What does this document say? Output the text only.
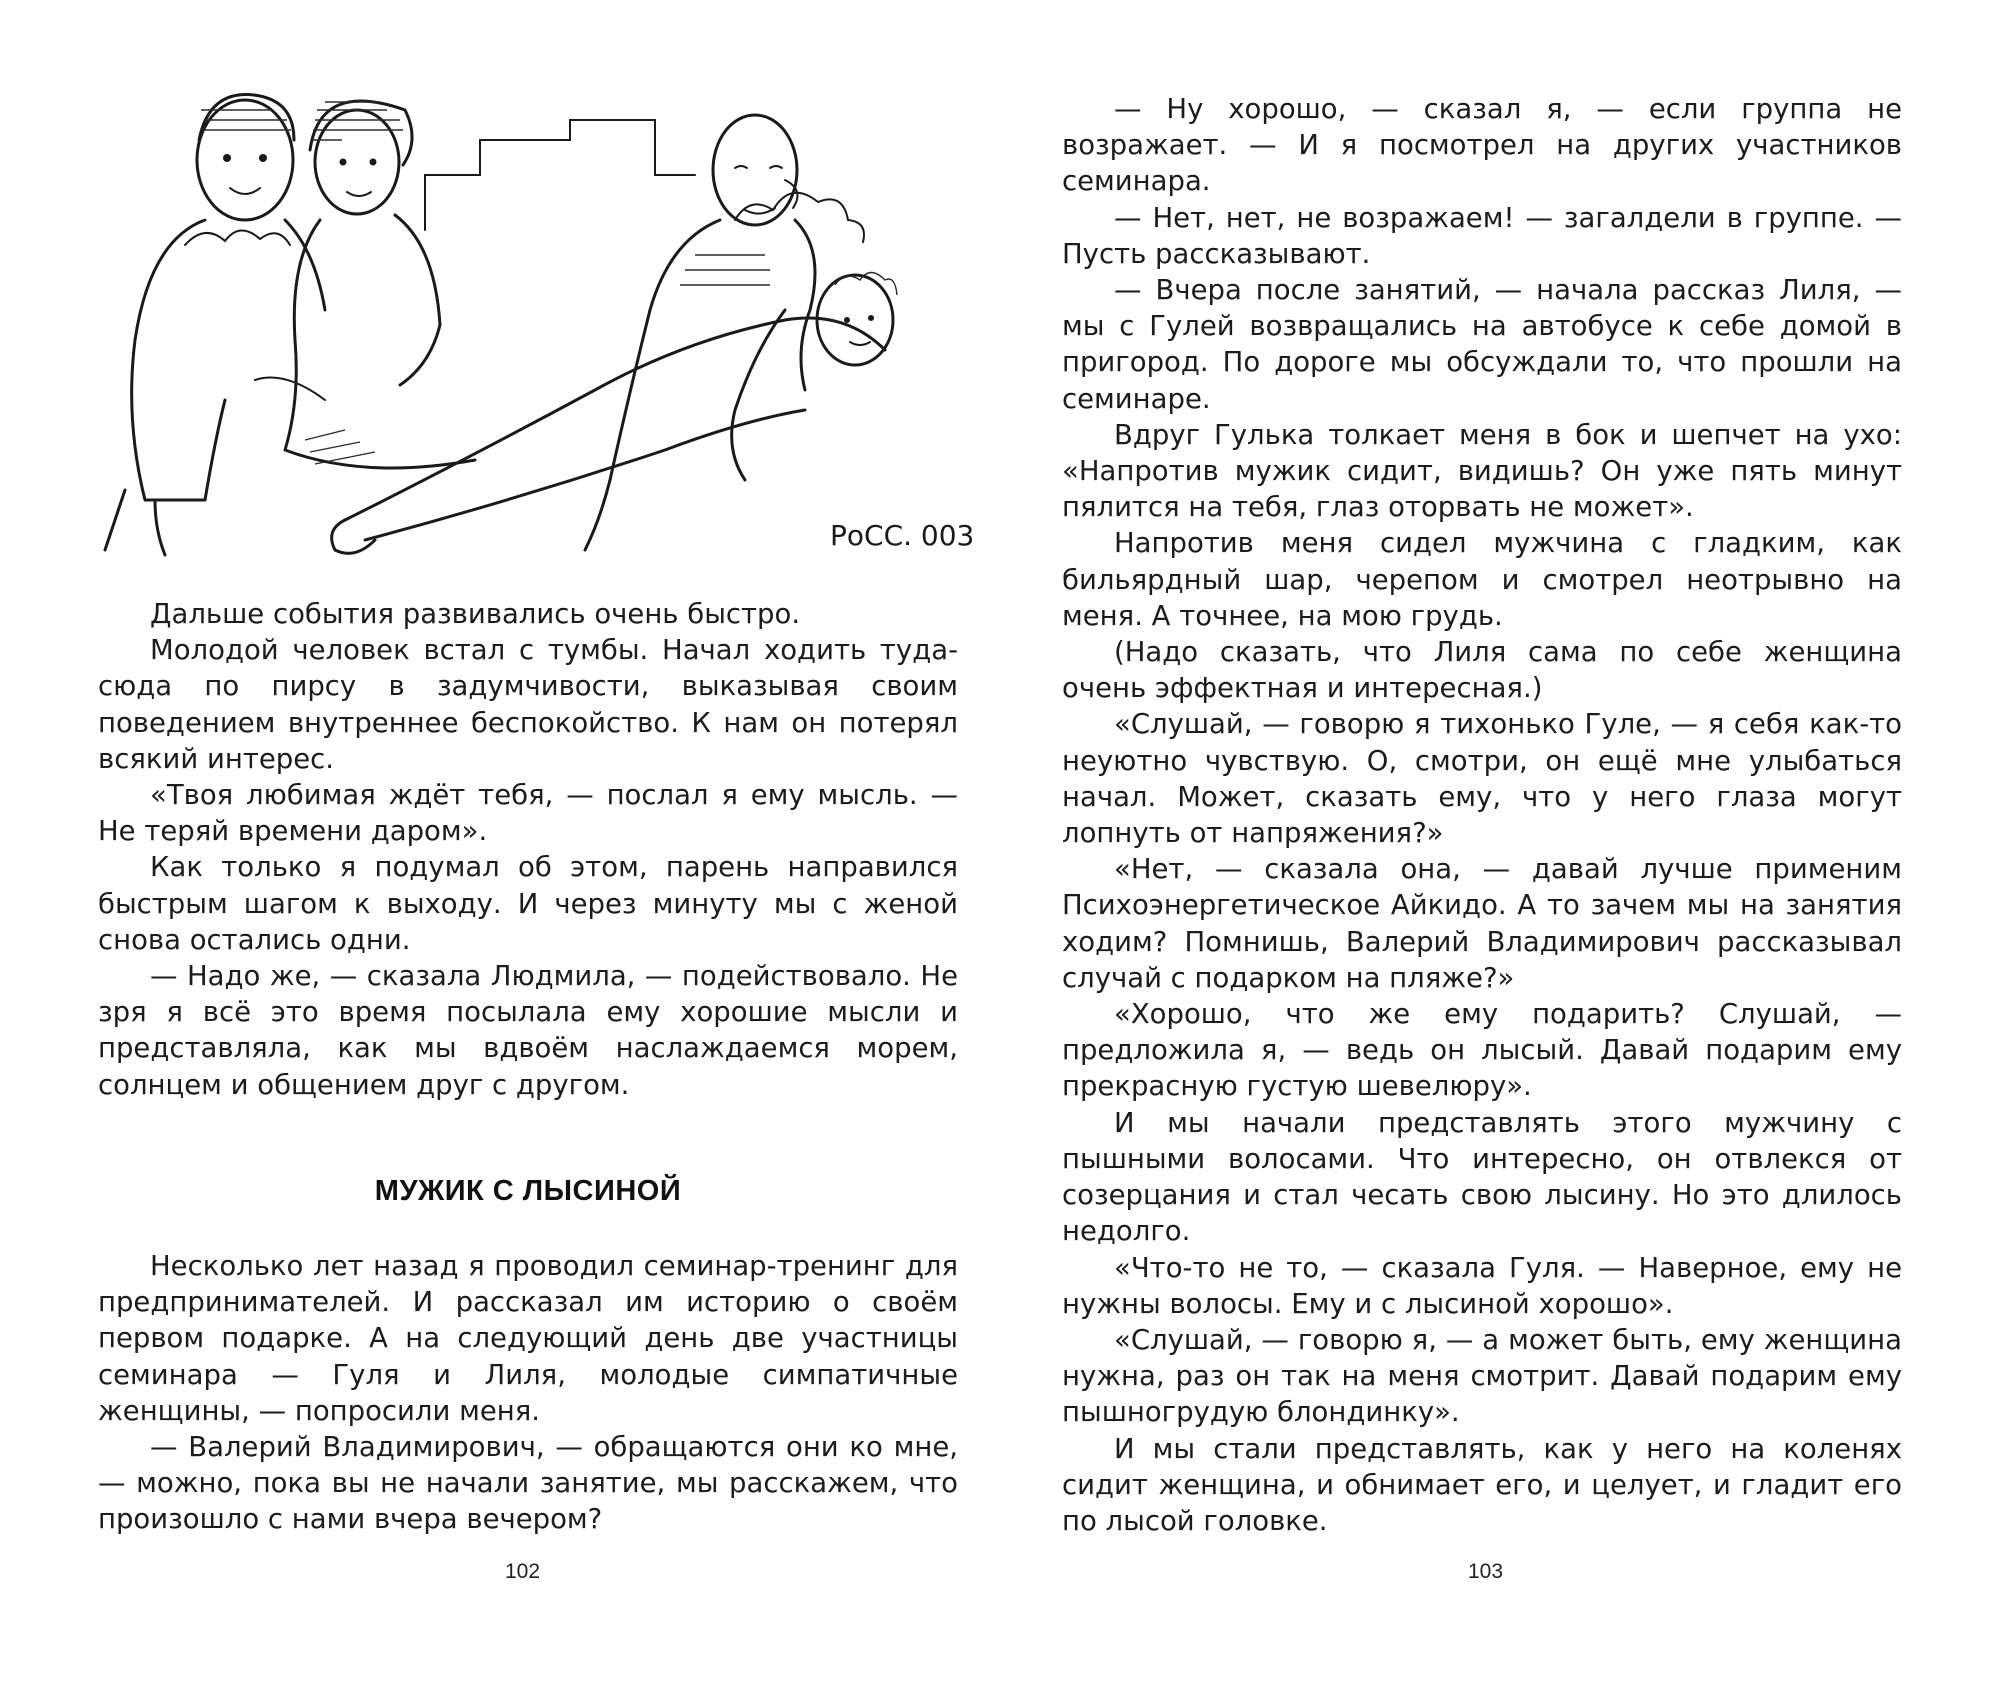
РоСС. 003

Дальше события развивались очень быстро.

Молодой человек встал с тумбы. Начал ходить туда-сюда по пирсу в задумчивости, выказывая своим поведением внутреннее беспокойство. К нам он потерял всякий интерес.

«Твоя любимая ждёт тебя, — послал я ему мысль. — Не теряй времени даром».

Как только я подумал об этом, парень направился быстрым шагом к выходу. И через минуту мы с женой снова остались одни.

— Надо же, — сказала Людмила, — подействовало. Не зря я всё это время посылала ему хорошие мысли и представляла, как мы вдвоём наслаждаемся морем, солнцем и общением друг с другом.

МУЖИК С ЛЫСИНОЙ

Несколько лет назад я проводил семинар-тренинг для предпринимателей. И рассказал им историю о своём первом подарке. А на следующий день две участницы семинара — Гуля и Лиля, молодые симпатичные женщины, — попросили меня.

— Валерий Владимирович, — обращаются они ко мне, — можно, пока вы не начали занятие, мы расскажем, что произошло с нами вчера вечером?

102

— Ну хорошо, — сказал я, — если группа не возражает. — И я посмотрел на других участников семинара.

— Нет, нет, не возражаем! — загалдели в группе. — Пусть рассказывают.

— Вчера после занятий, — начала рассказ Лиля, — мы с Гулей возвращались на автобусе к себе домой в пригород. По дороге мы обсуждали то, что прошли на семинаре.

Вдруг Гулька толкает меня в бок и шепчет на ухо: «Напротив мужик сидит, видишь? Он уже пять минут пялится на тебя, глаз оторвать не может».

Напротив меня сидел мужчина с гладким, как бильярдный шар, черепом и смотрел неотрывно на меня. А точнее, на мою грудь.

(Надо сказать, что Лиля сама по себе женщина очень эффектная и интересная.)

«Слушай, — говорю я тихонько Гуле, — я себя как-то неуютно чувствую. О, смотри, он ещё мне улыбаться начал. Может, сказать ему, что у него глаза могут лопнуть от напряжения?»

«Нет, — сказала она, — давай лучше применим Психоэнергетическое Айкидо. А то зачем мы на занятия ходим? Помнишь, Валерий Владимирович рассказывал случай с подарком на пляже?»

«Хорошо, что же ему подарить? Слушай, — предложила я, — ведь он лысый. Давай подарим ему прекрасную густую шевелюру».

И мы начали представлять этого мужчину с пышными волосами. Что интересно, он отвлекся от созерцания и стал чесать свою лысину. Но это длилось недолго.

«Что-то не то, — сказала Гуля. — Наверное, ему не нужны волосы. Ему и с лысиной хорошо».

«Слушай, — говорю я, — а может быть, ему женщина нужна, раз он так на меня смотрит. Давай подарим ему пышногрудую блондинку».

И мы стали представлять, как у него на коленях сидит женщина, и обнимает его, и целует, и гладит его по лысой головке.

103
